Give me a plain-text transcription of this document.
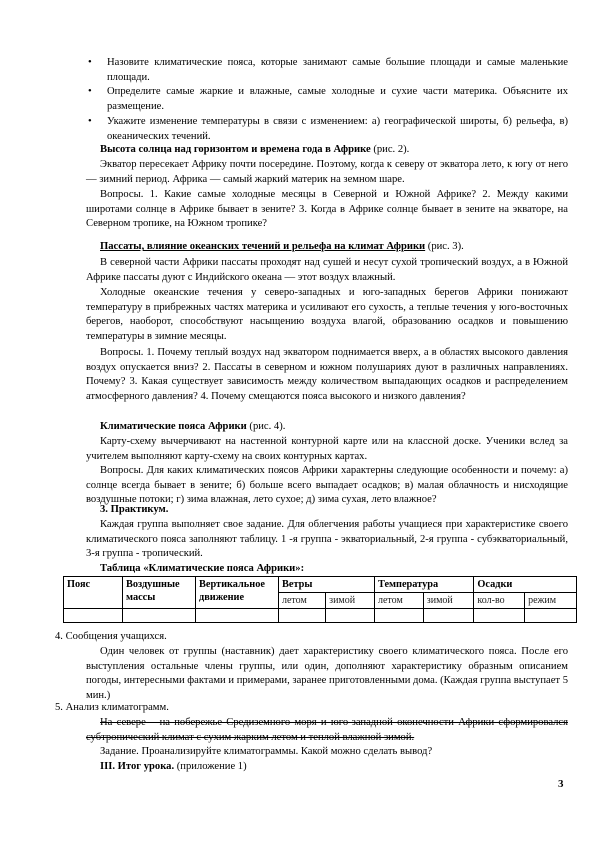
• Назовите климатические пояса, которые занимают самые большие площади и самые маленькие площади.

• Определите самые жаркие и влажные, самые холодные и сухие части материка. Объясните их размещение.

• Укажите изменение температуры в связи с изменением: а) географической широты, б) рельефа, в) океанических течений.

Высота солнца над горизонтом и времена года в Африке (рис. 2).

Экватор пересекает Африку почти посередине. Поэтому, когда к северу от экватора лето, к югу от него — зимний период. Африка — самый жаркий материк на земном шаре.

Вопросы. 1. Какие самые холодные месяцы в Северной и Южной Африке? 2. Между какими широтами солнце в Африке бывает в зените? 3. Когда в Африке солнце бывает в зените на экваторе, на Северном тропике, на Южном тропике?

Пассаты, влияние океанских течений и рельефа на климат Африки (рис. 3).

В северной части Африки пассаты проходят над сушей и несут сухой тропический воздух, а в Южной Африке пассаты дуют с Индийского океана — этот воздух влажный.

Холодные океанские течения у северо-западных и юго-западных берегов Африки понижают температуру в прибрежных частях материка и усиливают его сухость, а теплые течения у юго-восточных берегов, наоборот, способствуют насыщению воздуха влагой, образованию осадков и повышению температуры в зимние месяцы.

Вопросы. 1. Почему теплый воздух над экватором поднимается вверх, а в областях высокого давления воздух опускается вниз? 2. Пассаты в северном и южном полушариях дуют в различных направлениях. Почему? 3. Какая существует зависимость между количеством выпадающих осадков и распределением атмосферного давления? 4. Почему смещаются пояса высокого и низкого давления?

Климатические пояса Африки (рис. 4).

Карту-схему вычерчивают на настенной контурной карте или на классной доске. Ученики вслед за учителем выполняют карту-схему на своих контурных картах.

Вопросы. Для каких климатических поясов Африки характерны следующие особенности и почему: а) солнце всегда бывает в зените; б) больше всего выпадает осадков; в) малая облачность и нисходящие воздушные потоки; г) зима влажная, лето сухое; д) зима сухая, лето влажное?

3. Практикум.

Каждая группа выполняет свое задание. Для облегчения работы учащиеся при характеристике своего климатического пояса заполняют таблицу. 1 -я группа - экваториальный, 2-я группа - субэкваториальный, 3-я группа - тропический.

Таблица «Климатические пояса Африки»:

Пояс	Воздушные массы	Вертикальное движение	Ветры		Температура		Осадки	
			летом	зимой	летом	зимой	кол-во	режим

4. Сообщения учащихся.

Один человек от группы (наставник) дает характеристику своего климатического пояса. После его выступления остальные члены группы, или один, дополняют характеристику образным описанием погоды, интересными фактами и примерами, заранее приготовленными дома. (Каждая группа выступает 5 мин.)

5. Анализ климатограмм.

На севере – на побережье Средиземного моря и юго-западной оконечности Африки сформировался субтропический климат с сухим жарким летом и теплой влажной зимой.

Задание. Проанализируйте климатограммы. Какой можно сделать вывод?

III. Итог урока. (приложение 1)

3
